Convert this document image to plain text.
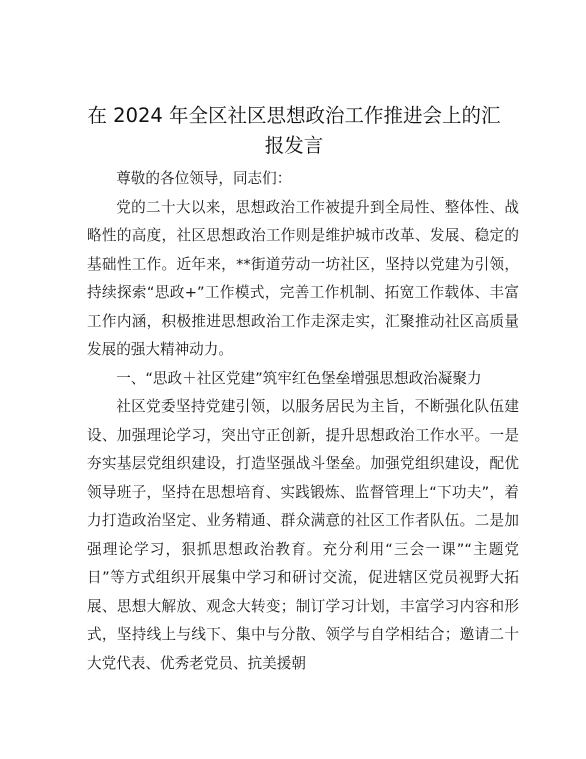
在 2024 年全区社区思想政治工作推进会上的汇报发言

尊敬的各位领导，同志们：

党的二十大以来，思想政治工作被提升到全局性、整体性、战略性的高度，社区思想政治工作则是维护城市改革、发展、稳定的基础性工作。近年来，**街道劳动一坊社区，坚持以党建为引领，持续探索“思政+”工作模式，完善工作机制、拓宽工作载体、丰富工作内涵，积极推进思想政治工作走深走实，汇聚推动社区高质量发展的强大精神动力。

一、“思政＋社区党建”筑牢红色堡垒增强思想政治凝聚力

社区党委坚持党建引领，以服务居民为主旨，不断强化队伍建设、加强理论学习，突出守正创新，提升思想政治工作水平。一是夯实基层党组织建设，打造坚强战斗堡垒。加强党组织建设，配优领导班子，坚持在思想培育、实践锻炼、监督管理上“下功夫”，着力打造政治坚定、业务精通、群众满意的社区工作者队伍。二是加强理论学习，狠抓思想政治教育。充分利用“三会一课”“主题党日”等方式组织开展集中学习和研讨交流，促进辖区党员视野大拓展、思想大解放、观念大转变；制订学习计划，丰富学习内容和形式，坚持线上与线下、集中与分散、领学与自学相结合；邀请二十大党代表、优秀老党员、抗美援朝
